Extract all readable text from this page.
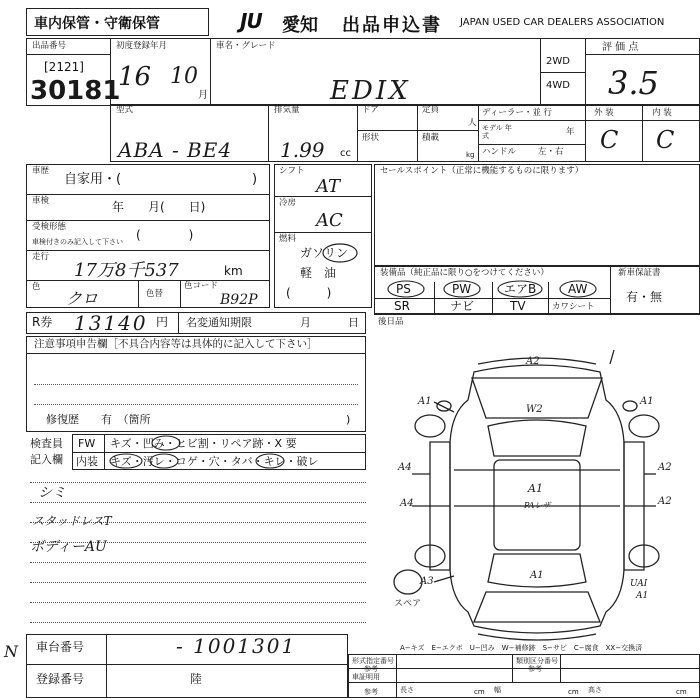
車内保管・守衛保管	JU 愛知 出品申込書 JAPAN USED CAR DEALERS ASSOCIATION
出品番号
[2121]
30181
初度登録年月
16 10
月
車名・グレード
EDIX
2WD
4WD
評 価 点
3.5
型式
ABA - BE4
排気量
1.99 cc
ドア	定員
人
形状	積載
kg
ディーラー・並 行
モデル 年式	年
ハンドル	左・右
外 装	内 装
C C
車歴
自家用・(	)
車検	年　　月(　　日)
受検形態
車検付きのみ記入して下さい (　　　　)
走行
17万8千537	km
色
クロ	色替
色コード
B92P
シフト
AT
冷房
AC
燃料
ガソリン
軽　油
(　　　)
セールスポイント（正常に機能するものに限ります）
装備品（純正品に限り○をつけてください）
PS	PW	エアB	AW
SR	ナビ	TV	カワシート
新車保証書
有・無
R券 13140 円 名変通知期限	月	日 後日品
注意事項申告欄［不具合内容等は具体的に記入して下さい］
修復歴　　有　（箇所	)
検査員
記入欄
FW キズ・凹み・ヒビ割・リペア跡・X 要
内装 キズ・汚レ・コゲ・穴・タバ・キレ・破レ
シミ
スタッドレスT
ボディーAU
A2
A1
W2
A1
A4	A2
A1
PAレザ
A4	A2
A1
A3	UAI
A1
スペア
A−キズ　E−エクボ　U−凹み　W−補修跡　S−サビ　C−腐食　XX−交換済
車台番号	- 1001301
登録番号	陸
N	形式指定番号
参考
類別区分番号
参考
車証明用
参考	長さ	cm 幅	cm 高さ	cm
